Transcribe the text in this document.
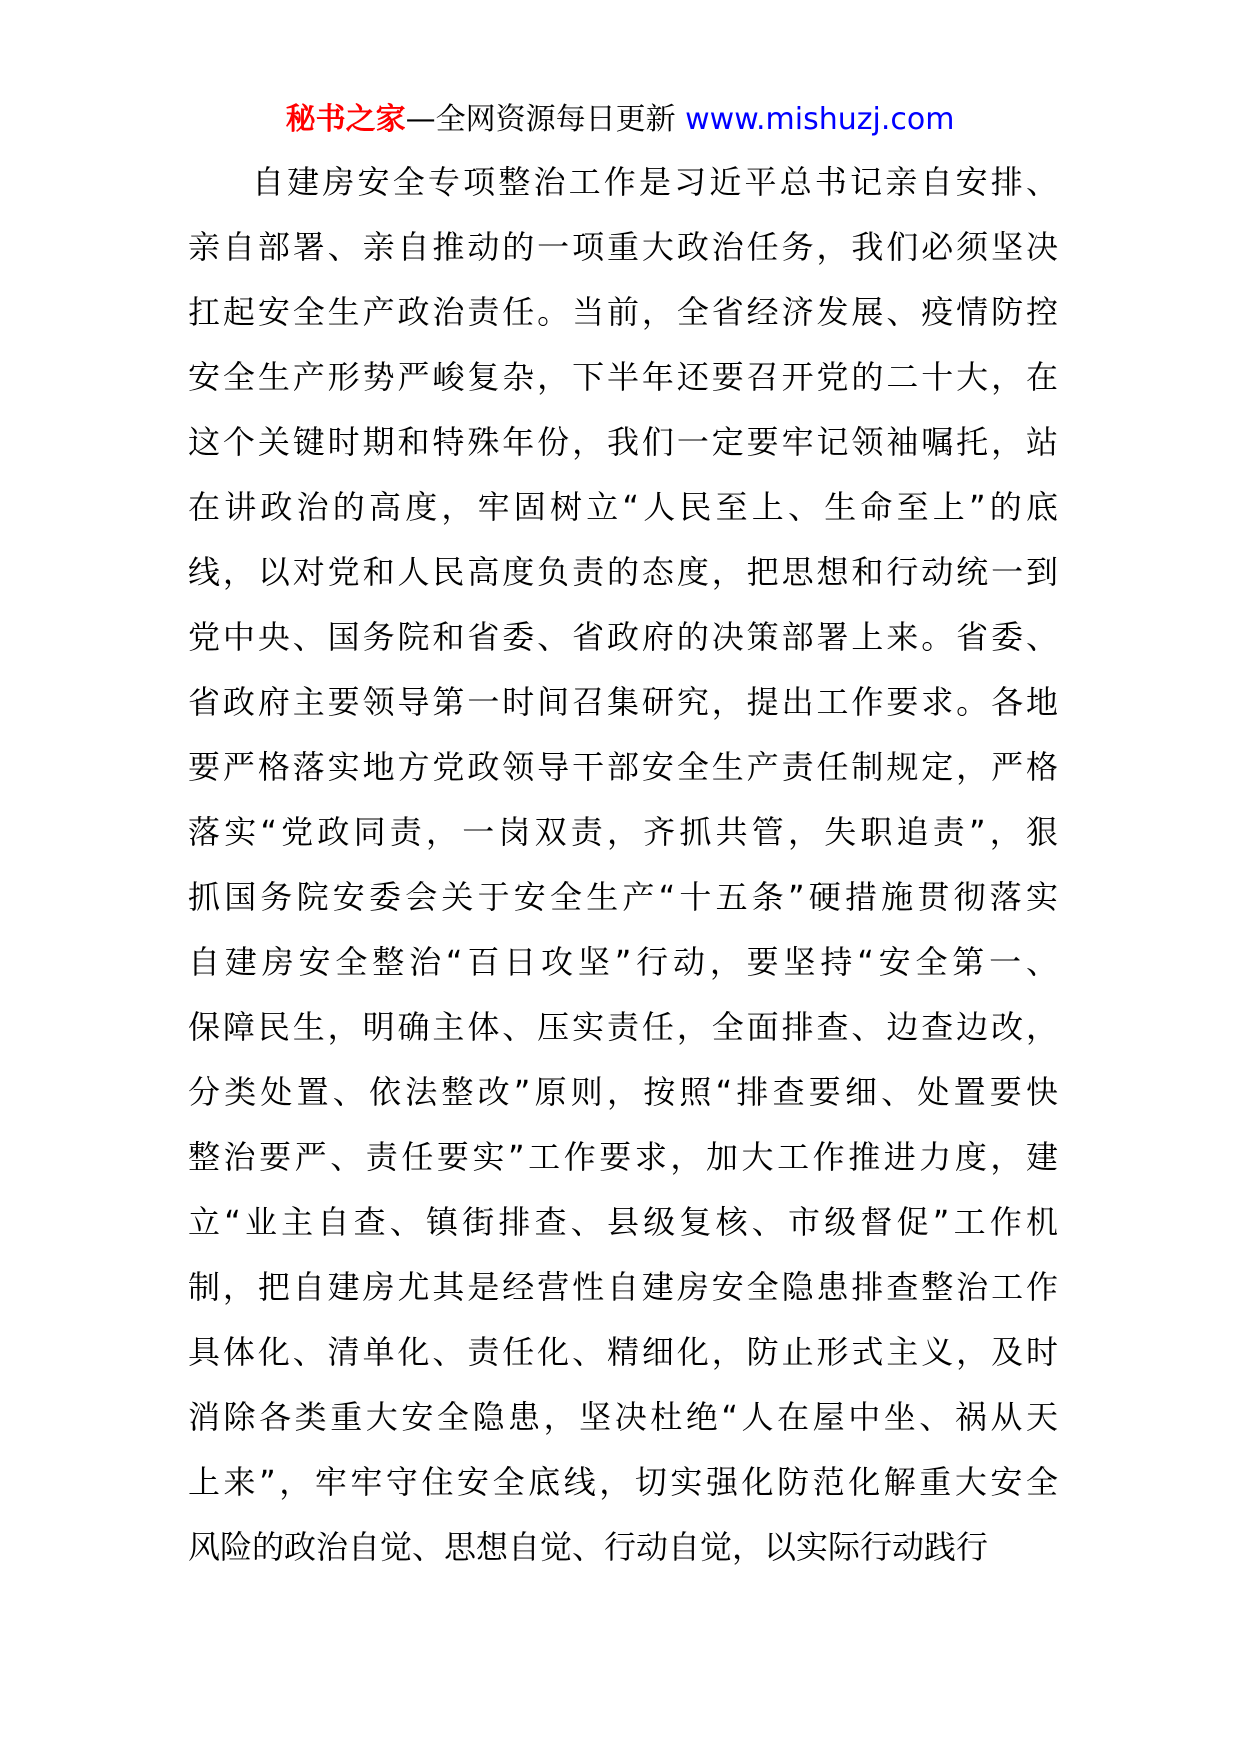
秘书之家—全网资源每日更新 www.mishuzj.com
自建房安全专项整治工作是习近平总书记亲自安排、
亲自部署、亲自推动的一项重大政治任务，我们必须坚决
扛起安全生产政治责任。当前，全省经济发展、疫情防控
安全生产形势严峻复杂，下半年还要召开党的二十大，在
这个关键时期和特殊年份，我们一定要牢记领袖嘱托，站
在讲政治的高度，牢固树立“人民至上、生命至上”的底
线，以对党和人民高度负责的态度，把思想和行动统一到
党中央、国务院和省委、省政府的决策部署上来。省委、
省政府主要领导第一时间召集研究，提出工作要求。各地
要严格落实地方党政领导干部安全生产责任制规定，严格
落实“党政同责，一岗双责，齐抓共管，失职追责”，狠
抓国务院安委会关于安全生产“十五条”硬措施贯彻落实
自建房安全整治“百日攻坚”行动，要坚持“安全第一、
保障民生，明确主体、压实责任，全面排查、边查边改，
分类处置、依法整改”原则，按照“排查要细、处置要快
整治要严、责任要实”工作要求，加大工作推进力度，建
立“业主自查、镇街排查、县级复核、市级督促”工作机
制，把自建房尤其是经营性自建房安全隐患排查整治工作
具体化、清单化、责任化、精细化，防止形式主义，及时
消除各类重大安全隐患，坚决杜绝“人在屋中坐、祸从天
上来”，牢牢守住安全底线，切实强化防范化解重大安全
风险的政治自觉、思想自觉、行动自觉，以实际行动践行
